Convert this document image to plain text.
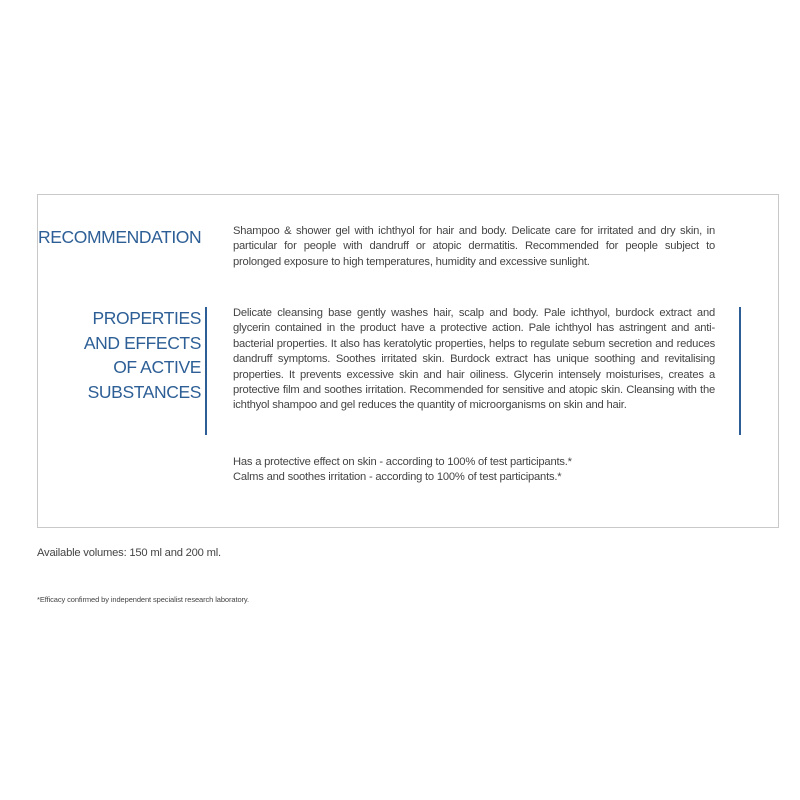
RECOMMENDATION	Shampoo & shower gel with ichthyol for hair and body. Delicate care for irritated and dry skin, in particular for people with dandruff or atopic dermatitis. Recommended for people subject to prolonged exposure to high temperatures, humidity and excessive sunlight.
PROPERTIES
AND EFFECTS
OF ACTIVE
SUBSTANCES
Delicate cleansing base gently washes hair, scalp and body. Pale ichthyol, burdock extract and glycerin contained in the product have a protective action. Pale ichthyol has astringent and anti-bacterial properties. It also has keratolytic properties, helps to regulate sebum secretion and reduces dandruff symptoms. Soothes irritated skin. Burdock extract has unique soothing and revitalising properties. It prevents excessive skin and hair oiliness. Glycerin intensely moisturises, creates a protective film and soothes irritation. Recommended for sensitive and atopic skin. Cleansing with the ichthyol shampoo and gel reduces the quantity of microorganisms on skin and hair.
Has a protective effect on skin - according to 100% of test participants.*
Calms and soothes irritation - according to 100% of test participants.*
Available volumes: 150 ml and 200 ml.
*Efficacy confirmed by independent specialist research laboratory.
